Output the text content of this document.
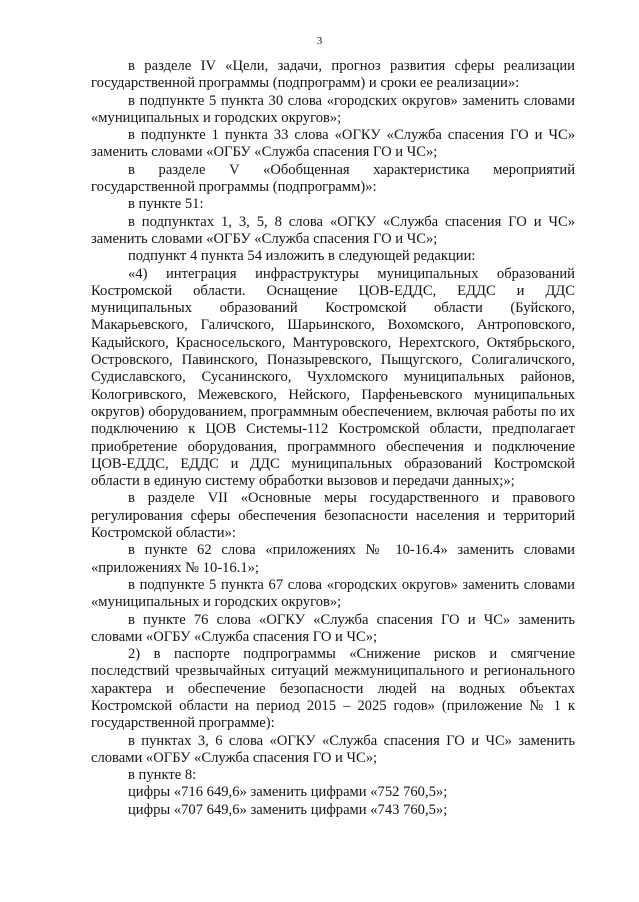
3

в разделе IV «Цели, задачи, прогноз развития сферы реализации государственной программы (подпрограмм) и сроки ее реализации»:

в подпункте 5 пункта 30 слова «городских округов» заменить словами «муниципальных и городских округов»;

в подпункте 1 пункта 33 слова «ОГКУ «Служба спасения ГО и ЧС» заменить словами «ОГБУ «Служба спасения ГО и ЧС»;

в разделе V «Обобщенная характеристика мероприятий государственной программы (подпрограмм)»:

в пункте 51:

в подпунктах 1, 3, 5, 8 слова «ОГКУ «Служба спасения ГО и ЧС» заменить словами «ОГБУ «Служба спасения ГО и ЧС»;

подпункт 4 пункта 54 изложить в следующей редакции:

«4) интеграция инфраструктуры муниципальных образований Костромской области. Оснащение ЦОВ-ЕДДС, ЕДДС и ДДС муниципальных образований Костромской области (Буйского, Макарьевского, Галичского, Шарьинского, Вохомского, Антроповского, Кадыйского, Красносельского, Мантуровского, Нерехтского, Октябрьского, Островского, Павинского, Поназыревского, Пыщугского, Солигаличского, Судиславского, Сусанинского, Чухломского муниципальных районов, Кологривского, Межевского, Нейского, Парфеньевского муниципальных округов) оборудованием, программным обеспечением, включая работы по их подключению к ЦОВ Системы-112 Костромской области, предполагает приобретение оборудования, программного обеспечения и подключение ЦОВ-ЕДДС, ЕДДС и ДДС муниципальных образований Костромской области в единую систему обработки вызовов и передачи данных;»;

в разделе VII «Основные меры государственного и правового регулирования сферы обеспечения безопасности населения и территорий Костромской области»:

в пункте 62 слова «приложениях № 10-16.4» заменить словами «приложениях № 10-16.1»;

в подпункте 5 пункта 67 слова «городских округов» заменить словами «муниципальных и городских округов»;

в пункте 76 слова «ОГКУ «Служба спасения ГО и ЧС» заменить словами «ОГБУ «Служба спасения ГО и ЧС»;

2) в паспорте подпрограммы «Снижение рисков и смягчение последствий чрезвычайных ситуаций межмуниципального и регионального характера и обеспечение безопасности людей на водных объектах Костромской области на период 2015 – 2025 годов» (приложение № 1 к государственной программе):

в пунктах 3, 6 слова «ОГКУ «Служба спасения ГО и ЧС» заменить словами «ОГБУ «Служба спасения ГО и ЧС»;

в пункте 8:

цифры «716 649,6» заменить цифрами «752 760,5»;

цифры «707 649,6» заменить цифрами «743 760,5»;
